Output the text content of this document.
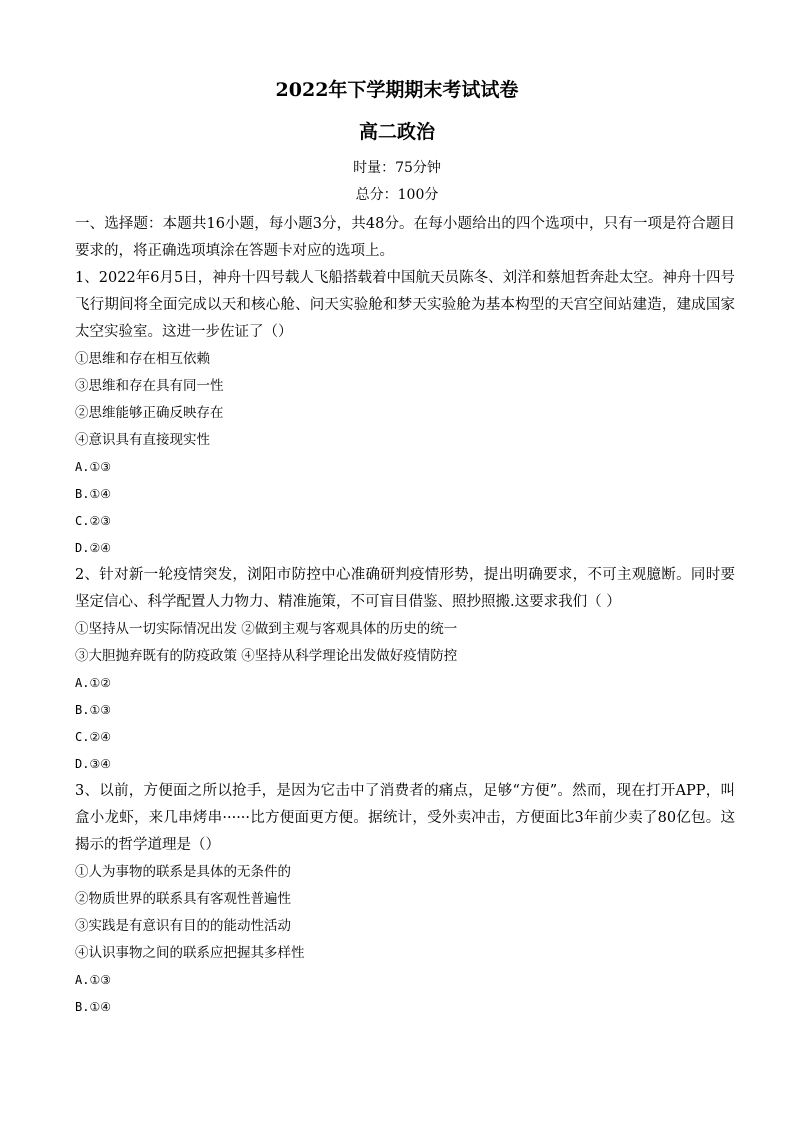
2022年下学期期末考试试卷
高二政治
时量：75分钟
总分：100分

一、选择题：本题共16小题，每小题3分，共48分。在每小题给出的四个选项中，只有一项是符合题目要求的，将正确选项填涂在答题卡对应的选项上。

1、2022年6月5日，神舟十四号载人飞船搭载着中国航天员陈冬、刘洋和蔡旭哲奔赴太空。神舟十四号飞行期间将全面完成以天和核心舱、问天实验舱和梦天实验舱为基本构型的天宫空间站建造，建成国家太空实验室。这进一步佐证了（）

①思维和存在相互依赖

③思维和存在具有同一性

②思维能够正确反映存在

④意识具有直接现实性

A.①③

B.①④

C.②③

D.②④

2、针对新一轮疫情突发，浏阳市防控中心准确研判疫情形势，提出明确要求，不可主观臆断。同时要坚定信心、科学配置人力物力、精准施策，不可盲目借鉴、照抄照搬.这要求我们（ ）

①坚持从一切实际情况出发 ②做到主观与客观具体的历史的统一

③大胆抛弃既有的防疫政策 ④坚持从科学理论出发做好疫情防控

A.①②

B.①③

C.②④

D.③④

3、以前，方便面之所以抢手，是因为它击中了消费者的痛点，足够“方便”。然而，现在打开APP，叫盒小龙虾，来几串烤串······比方便面更方便。据统计，受外卖冲击，方便面比3年前少卖了80亿包。这揭示的哲学道理是（）

①人为事物的联系是具体的无条件的

②物质世界的联系具有客观性普遍性

③实践是有意识有目的的能动性活动

④认识事物之间的联系应把握其多样性

A.①③

B.①④
